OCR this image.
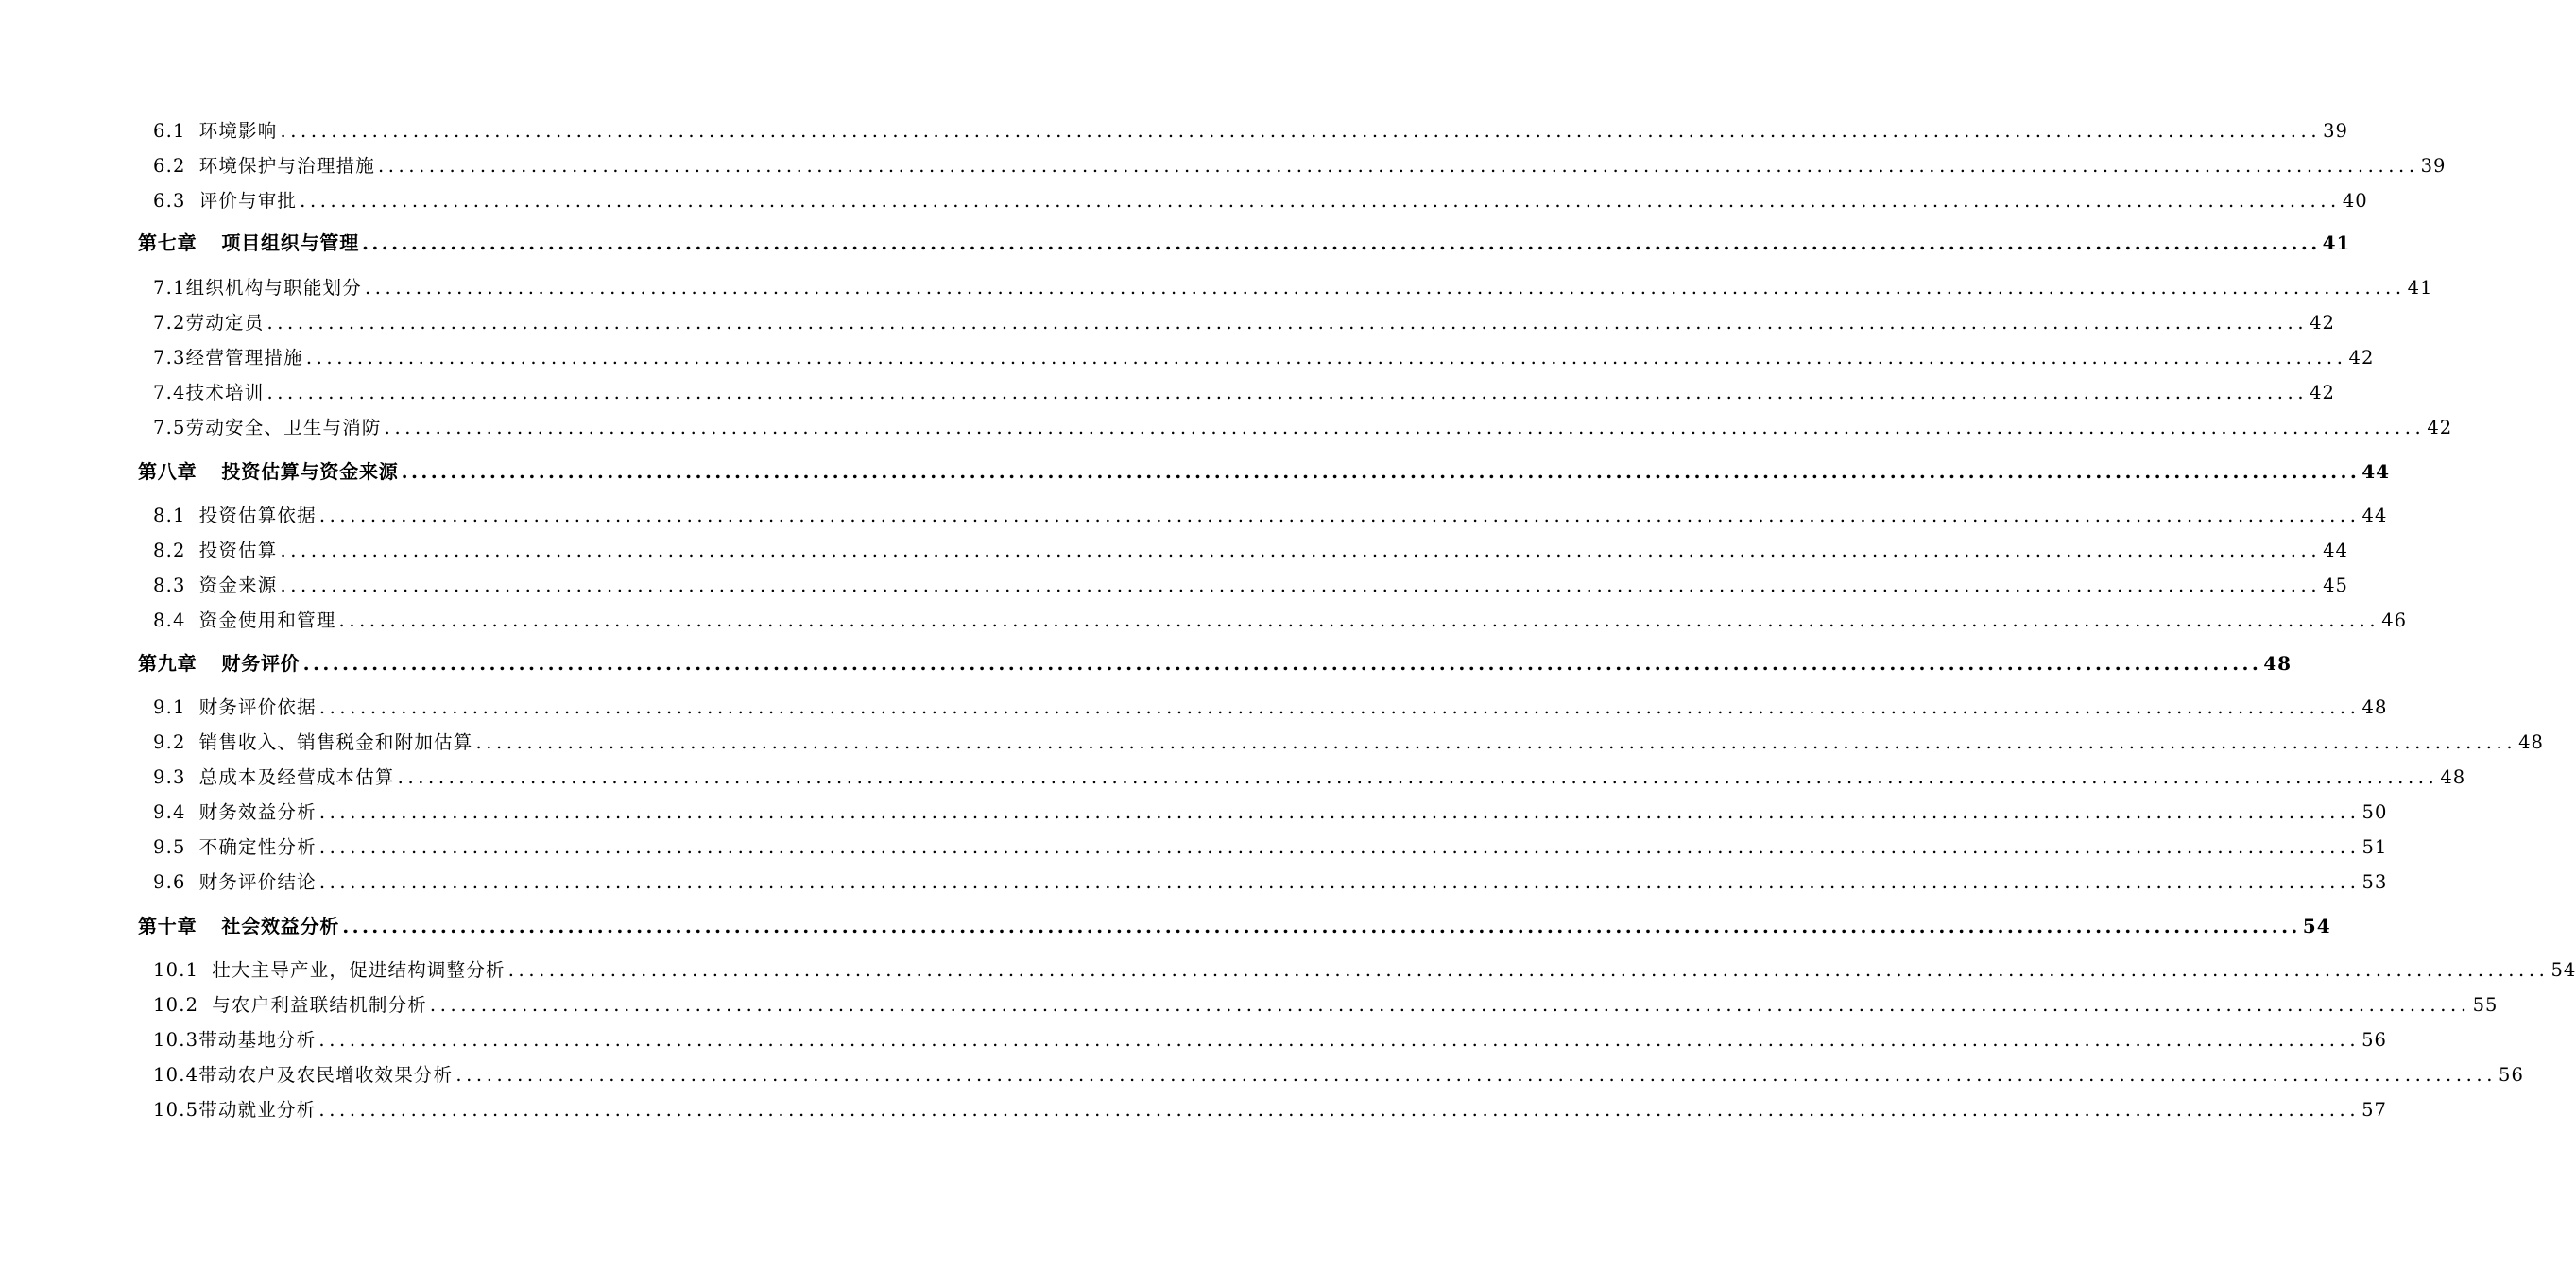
6.1 环境影响 ........................................................................................................................................................................................................ 39
6.2 环境保护与治理措施 ........................................................................................................................................................................................................ 39
6.3 评价与审批 ........................................................................................................................................................................................................ 40
第七章 项目组织与管理 ........................................................................................................................................................................................................ 41
7.1组织机构与职能划分 ........................................................................................................................................................................................................ 41
7.2劳动定员 ........................................................................................................................................................................................................ 42
7.3经营管理措施 ........................................................................................................................................................................................................ 42
7.4技术培训 ........................................................................................................................................................................................................ 42
7.5劳动安全、卫生与消防 ........................................................................................................................................................................................................ 42
第八章 投资估算与资金来源 ........................................................................................................................................................................................................ 44
8.1 投资估算依据 ........................................................................................................................................................................................................ 44
8.2 投资估算 ........................................................................................................................................................................................................ 44
8.3 资金来源 ........................................................................................................................................................................................................ 45
8.4 资金使用和管理 ........................................................................................................................................................................................................ 46
第九章 财务评价 ........................................................................................................................................................................................................ 48
9.1 财务评价依据 ........................................................................................................................................................................................................ 48
9.2 销售收入、销售税金和附加估算 ........................................................................................................................................................................................................ 48
9.3 总成本及经营成本估算 ........................................................................................................................................................................................................ 48
9.4 财务效益分析 ........................................................................................................................................................................................................ 50
9.5 不确定性分析 ........................................................................................................................................................................................................ 51
9.6 财务评价结论 ........................................................................................................................................................................................................ 53
第十章 社会效益分析 ........................................................................................................................................................................................................ 54
10.1 壮大主导产业，促进结构调整分析 ........................................................................................................................................................................................................ 54
10.2 与农户利益联结机制分析 ........................................................................................................................................................................................................ 55
10.3带动基地分析 ........................................................................................................................................................................................................ 56
10.4带动农户及农民增收效果分析 ........................................................................................................................................................................................................ 56
10.5带动就业分析 ........................................................................................................................................................................................................ 57
